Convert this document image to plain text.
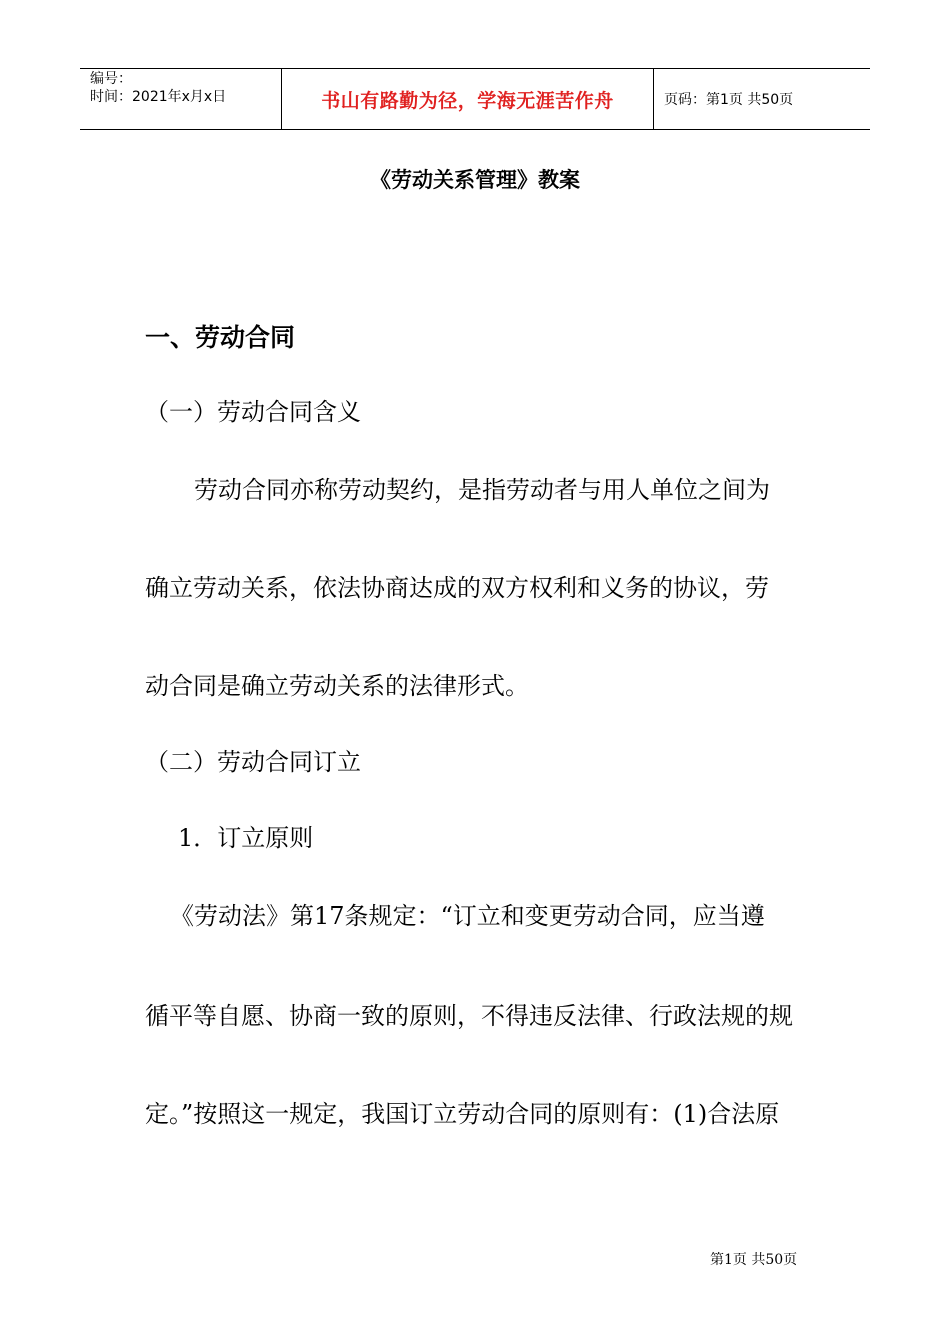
编号：
时间：2021年x月x日	书山有路勤为径，学海无涯苦作舟	页码：第1页 共50页
《劳动关系管理》教案
一、劳动合同
（一）劳动合同含义
　劳动合同亦称劳动契约，是指劳动者与用人单位之间为
确立劳动关系，依法协商达成的双方权利和义务的协议，劳
动合同是确立劳动关系的法律形式。
（二）劳动合同订立
1．订立原则
《劳动法》第17条规定：“订立和变更劳动合同，应当遵
循平等自愿、协商一致的原则，不得违反法律、行政法规的规
定。”按照这一规定，我国订立劳动合同的原则有：(1)合法原
第1页 共50页
